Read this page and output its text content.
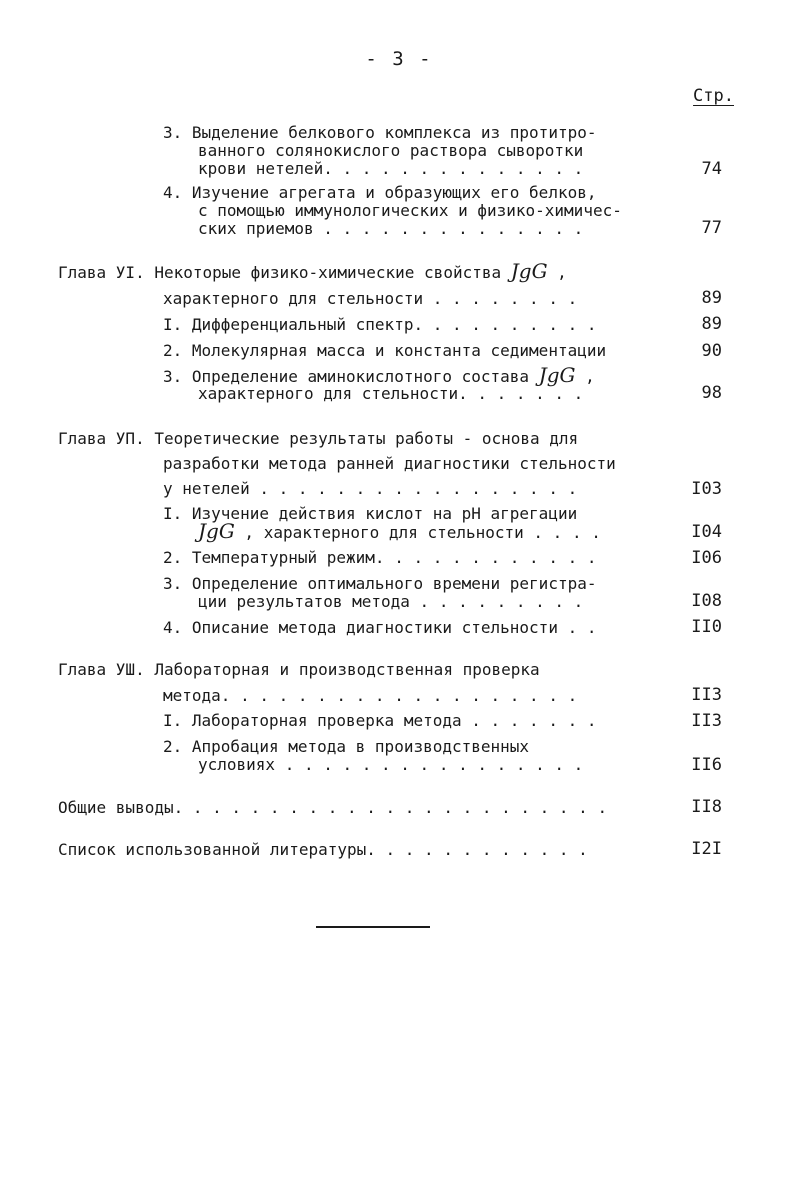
- 3 -
Стр.
3. Выделение белкового комплекса из протитро-
ванного солянокислого раствора сыворотки
крови нетелей. . . . . . . . . . . . . .	74
4. Изучение агрегата и образующих его белков,
с помощью иммунологических и физико-химичес-
ских приемов . . . . . . . . . . . . . .	77
Глава УI. Некоторые физико-химические свойства JgG ,
характерного для стельности . . . . . . . .	89
I. Дифференциальный спектр. . . . . . . . . .	89
2. Молекулярная масса и константа седиментации	90
3. Определение аминокислотного состава JgG ,
характерного для стельности. . . . . . .	98
Глава УП. Теоретические результаты работы - основа для
разработки метода ранней диагностики стельности
у нетелей . . . . . . . . . . . . . . . . .	I03
I. Изучение действия кислот на pH агрегации
JgG , характерного для стельности . . . .	I04
2. Температурный режим. . . . . . . . . . . .	I06
3. Определение оптимального времени регистра-
ции результатов метода . . . . . . . . .	I08
4. Описание метода диагностики стельности . .	II0
Глава УШ. Лабораторная и производственная проверка
метода. . . . . . . . . . . . . . . . . . .	II3
I. Лабораторная проверка метода . . . . . . .	II3
2. Апробация метода в производственных
условиях . . . . . . . . . . . . . . . .	II6
Общие выводы. . . . . . . . . . . . . . . . . . . . . . .	II8
Список использованной литературы. . . . . . . . . . . .	I2I
